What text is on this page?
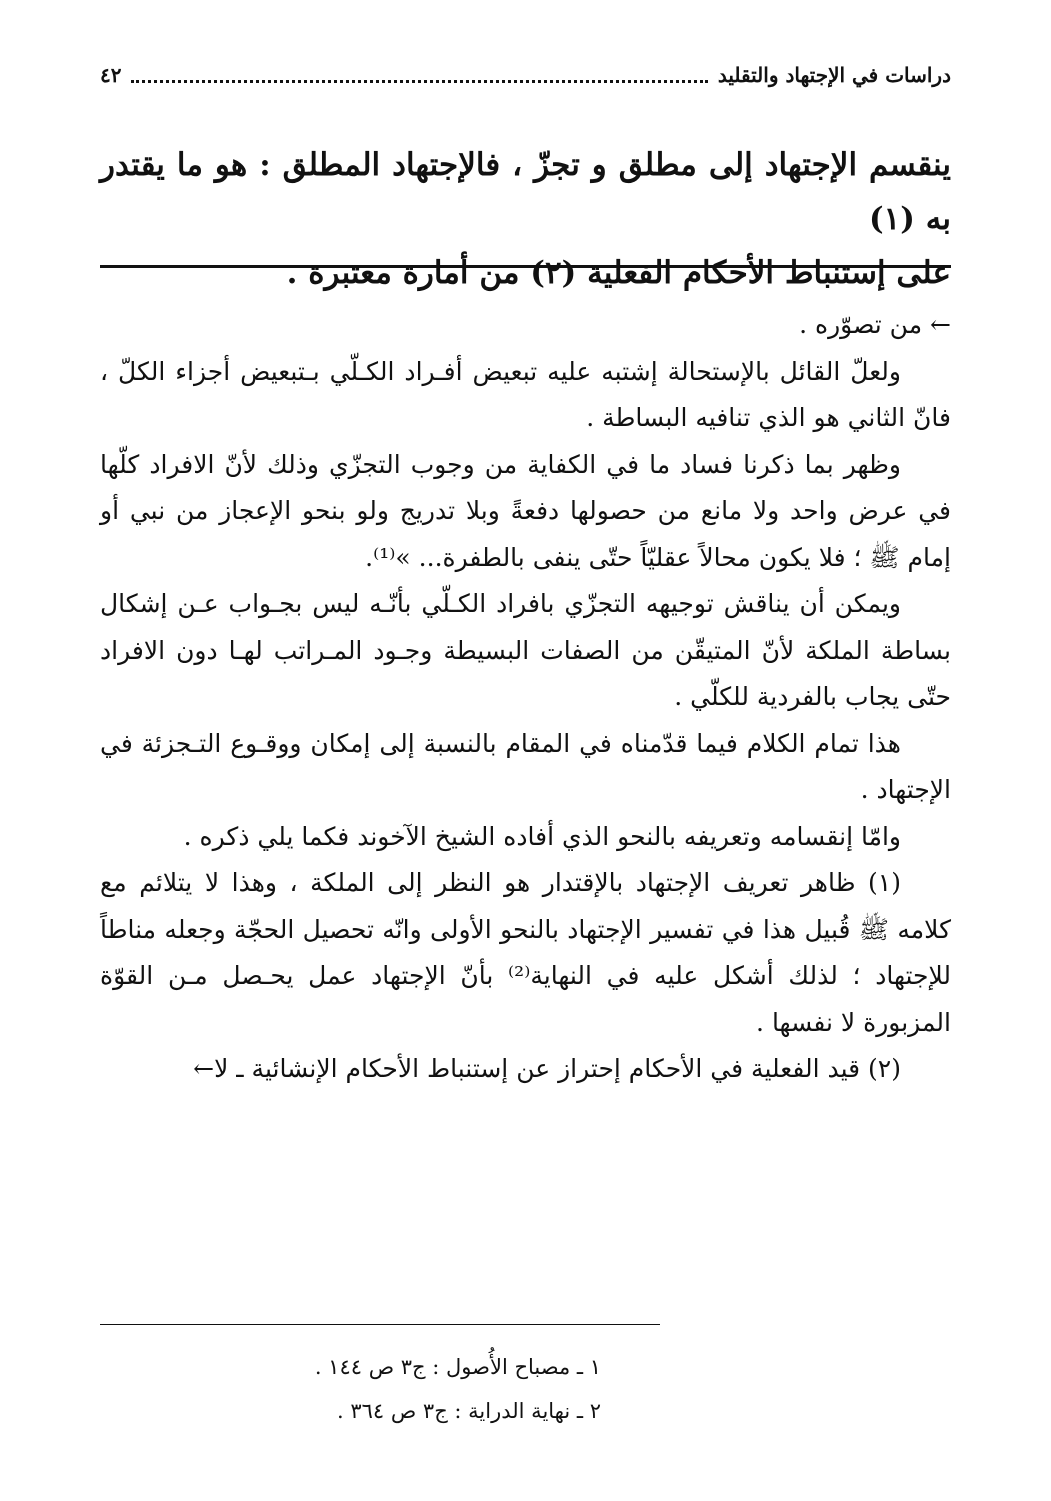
دراسات في الإجتهاد والتقليد
٤٢

ينقسم الإجتهاد إلى مطلق و تجزّ ، فالإجتهاد المطلق : هو ما يقتدر به (١)

على إستنباط الأحكام الفعلية (٢) من أمارة معتبرة .

← من تصوّره .

ولعلّ القائل بالإستحالة إشتبه عليه تبعيض أفـراد الكـلّي بـتبعيض أجزاء الكلّ ، فانّ الثاني هو الذي تنافيه البساطة .

وظهر بما ذكرنا فساد ما في الكفاية من وجوب التجزّي وذلك لأنّ الافراد كلّها في عرض واحد ولا مانع من حصولها دفعةً وبلا تدريج ولو بنحو الإعجاز من نبي أو إمام ﷺ ؛ فلا يكون محالاً عقليّاً حتّى ينفى بالطفرة... »⁽¹⁾.

ويمكن أن يناقش توجيهه التجزّي بافراد الكـلّي بأنّـه ليس بجـواب عـن إشكال بساطة الملكة لأنّ المتيقّن من الصفات البسيطة وجـود المـراتب لهـا دون الافراد حتّى يجاب بالفردية للكلّي .

هذا تمام الكلام فيما قدّمناه في المقام بالنسبة إلى إمكان ووقـوع التـجزئة في الإجتهاد .

وامّا إنقسامه وتعريفه بالنحو الذي أفاده الشيخ الآخوند فكما يلي ذكره .

(١) ظاهر تعريف الإجتهاد بالإقتدار هو النظر إلى الملكة ، وهذا لا يتلائم مع كلامه ﷺ قُبيل هذا في تفسير الإجتهاد بالنحو الأولى وانّه تحصيل الحجّة وجعله مناطاً للإجتهاد ؛ لذلك أشكل عليه في النهاية⁽²⁾ بأنّ الإجتهاد عمل يحـصل مـن القوّة المزبورة لا نفسها .

(٢) قيد الفعلية في الأحكام إحتراز عن إستنباط الأحكام الإنشائية ـ لا←

١ ـ مصباح الأُصول : ج٣ ص ١٤٤ .

٢ ـ نهاية الدراية : ج٣ ص ٣٦٤ .
